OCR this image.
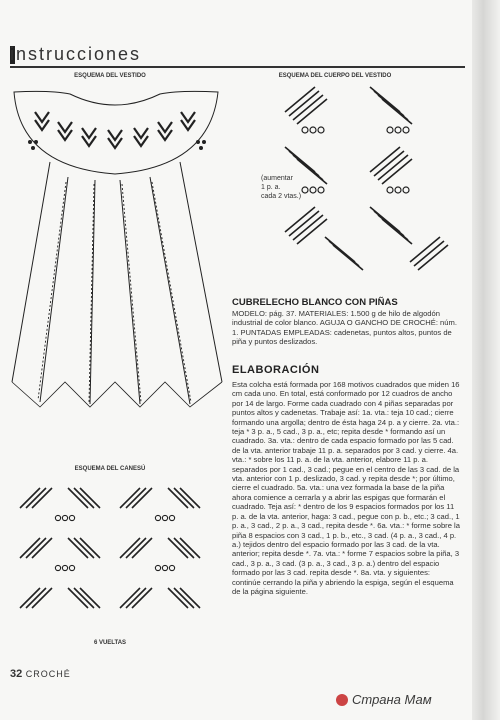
instrucciones
ESQUEMA DEL VESTIDO	ESQUEMA DEL CUERPO DEL VESTIDO
ESQUEMA DEL CANESÚ
6 VUELTAS
(aumentar
1 p. a.
cada 2 vtas.)
CUBRELECHO BLANCO CON PIÑAS
MODELO: pág. 37. MATERIALES: 1.500 g de hilo de algodón industrial de color blanco. AGUJA O GANCHO DE CROCHÉ: núm. 1. PUNTADAS EMPLEADAS: cadenetas, puntos altos, puntos de piña y puntos deslizados.
ELABORACIÓN
Esta colcha está formada por 168 motivos cuadrados que miden 16 cm cada uno. En total, está conformado por 12 cuadros de ancho por 14 de largo. Forme cada cuadrado con 4 piñas separadas por puntos altos y cadenetas. Trabaje así: 1a. vta.: teja 10 cad.; cierre formando una argolla; dentro de ésta haga 24 p. a y cierre. 2a. vta.: teja * 3 p. a., 5 cad., 3 p. a., etc; repita desde * formando así un cuadrado. 3a. vta.: dentro de cada espacio formado por las 5 cad. de la vta. anterior trabaje 11 p. a. separados por 3 cad. y cierre. 4a. vta.: * sobre los 11 p. a. de la vta. anterior, elabore 11 p. a. separados por 1 cad., 3 cad.; pegue en el centro de las 3 cad. de la vta. anterior con 1 p. deslizado, 3 cad. y repita desde *; por último, cierre el cuadrado. 5a. vta.: una vez formada la base de la piña ahora comience a cerrarla y a abrir las espigas que formarán el cuadrado. Teja así: * dentro de los 9 espacios formados por los 11 p. a. de la vta. anterior, haga: 3 cad., pegue con p. b., etc.; 3 cad., 1 p. a., 3 cad., 2 p. a., 3 cad., repita desde *. 6a. vta.: * forme sobre la piña 8 espacios con 3 cad., 1 p. b., etc., 3 cad. (4 p. a., 3 cad., 4 p. a.) tejidos dentro del espacio formado por las 3 cad. de la vta. anterior; repita desde *. 7a. vta.: * forme 7 espacios sobre la piña, 3 cad., 3 p. a., 3 cad. (3 p. a., 3 cad., 3 p. a.) dentro del espacio formado por las 3 cad. repita desde *. 8a. vta. y siguientes: continúe cerrando la piña y abriendo la espiga, según el esquema de la página siguiente.
32 CROCHÉ
Страна Мам
